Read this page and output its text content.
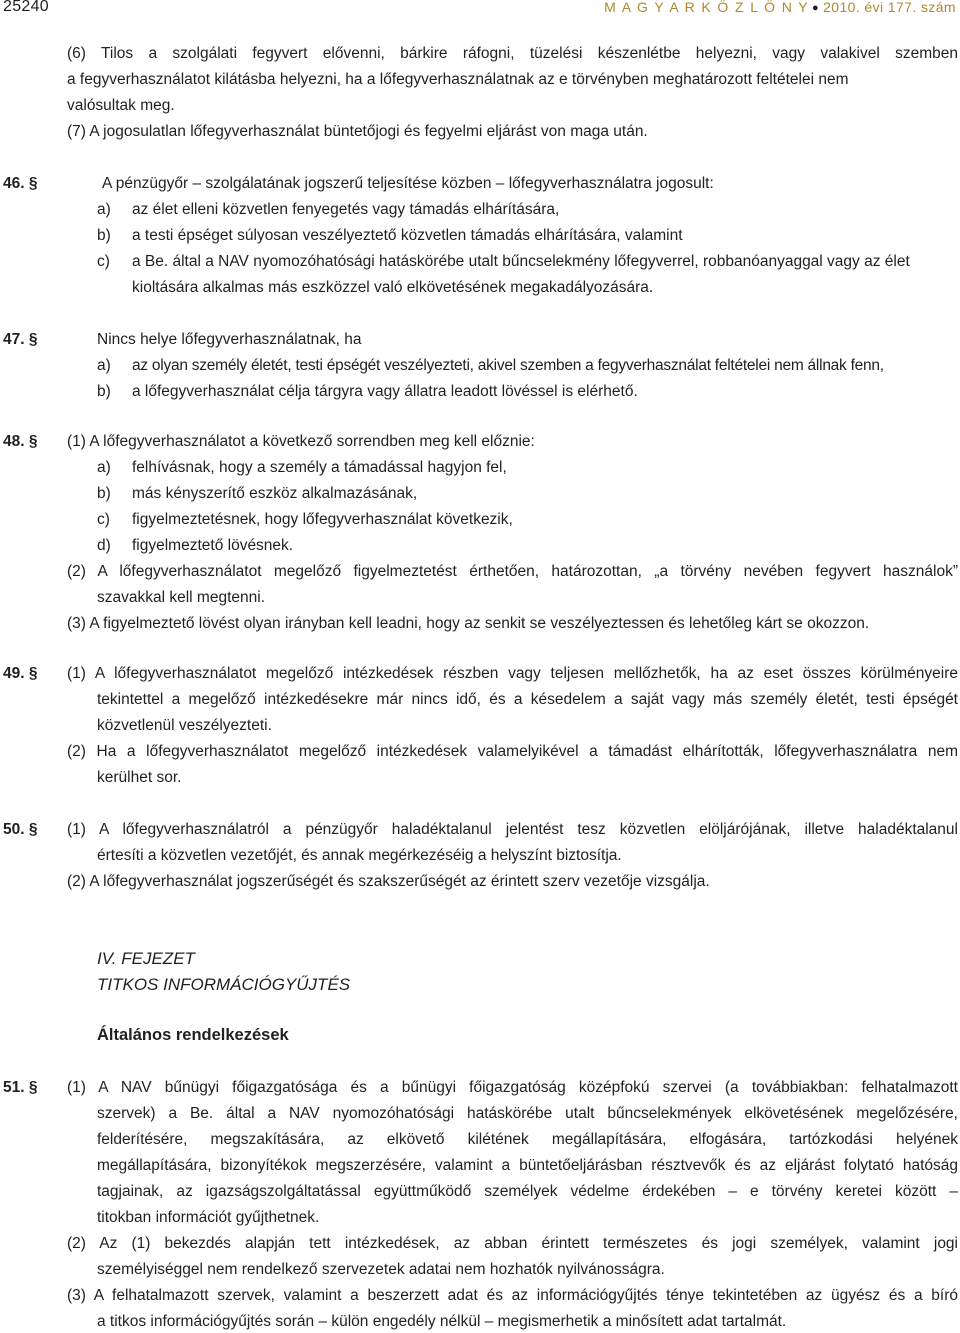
25240	M A G Y A R K Ö Z L Ö N Y ● 2010. évi 177. szám
(6) Tilos a szolgálati fegyvert elővenni, bárkire ráfogni, tüzelési készenlétbe helyezni, vagy valakivel szemben
a fegyverhasználatot kilátásba helyezni, ha a lőfegyverhasználatnak az e törvényben meghatározott feltételei nem
valósultak meg.
(7) A jogosulatlan lőfegyverhasználat büntetőjogi és fegyelmi eljárást von maga után.
46. §	A pénzügyőr – szolgálatának jogszerű teljesítése közben – lőfegyverhasználatra jogosult:
a) az élet elleni közvetlen fenyegetés vagy támadás elhárítására,
b) a testi épséget súlyosan veszélyeztető közvetlen támadás elhárítására, valamint
c) a Be. által a NAV nyomozóhatósági hatáskörébe utalt bűncselekmény lőfegyverrel, robbanóanyaggal vagy az élet
kioltására alkalmas más eszközzel való elkövetésének megakadályozására.
47. §	Nincs helye lőfegyverhasználatnak, ha
a) az olyan személy életét, testi épségét veszélyezteti, akivel szemben a fegyverhasználat feltételei nem állnak fenn,
b) a lőfegyverhasználat célja tárgyra vagy állatra leadott lövéssel is elérhető.
48. § (1) A lőfegyverhasználatot a következő sorrendben meg kell előznie:
a) felhívásnak, hogy a személy a támadással hagyjon fel,
b) más kényszerítő eszköz alkalmazásának,
c) figyelmeztetésnek, hogy lőfegyverhasználat következik,
d) figyelmeztető lövésnek.
(2) A lőfegyverhasználatot megelőző figyelmeztetést érthetően, határozottan, „a törvény nevében fegyvert használok”
szavakkal kell megtenni.
(3) A figyelmeztető lövést olyan irányban kell leadni, hogy az senkit se veszélyeztessen és lehetőleg kárt se okozzon.
49. § (1) A lőfegyverhasználatot megelőző intézkedések részben vagy teljesen mellőzhetők, ha az eset összes körülményeire
tekintettel a megelőző intézkedésekre már nincs idő, és a késedelem a saját vagy más személy életét, testi épségét
közvetlenül veszélyezteti.
(2) Ha a lőfegyverhasználatot megelőző intézkedések valamelyikével a támadást elhárították, lőfegyverhasználatra nem
kerülhet sor.
50. § (1) A lőfegyverhasználatról a pénzügyőr haladéktalanul jelentést tesz közvetlen elöljárójának, illetve haladéktalanul
értesíti a közvetlen vezetőjét, és annak megérkezéséig a helyszínt biztosítja.
(2) A lőfegyverhasználat jogszerűségét és szakszerűségét az érintett szerv vezetője vizsgálja.
IV. FEJEZET
TITKOS INFORMÁCIÓGYŰJTÉS
Általános rendelkezések
51. § (1) A NAV bűnügyi főigazgatósága és a bűnügyi főigazgatóság középfokú szervei (a továbbiakban: felhatalmazott
szervek) a Be. által a NAV nyomozóhatósági hatáskörébe utalt bűncselekmények elkövetésének megelőzésére,
felderítésére, megszakítására, az elkövető kilétének megállapítására, elfogására, tartózkodási helyének
megállapítására, bizonyítékok megszerzésére, valamint a büntetőeljárásban résztvevők és az eljárást folytató hatóság
tagjainak, az igazságszolgáltatással együttműködő személyek védelme érdekében – e törvény keretei között –
titokban információt gyűjthetnek.
(2) Az (1) bekezdés alapján tett intézkedések, az abban érintett természetes és jogi személyek, valamint jogi
személyiséggel nem rendelkező szervezetek adatai nem hozhatók nyilvánosságra.
(3) A felhatalmazott szervek, valamint a beszerzett adat és az információgyűjtés ténye tekintetében az ügyész és a bíró
a titkos információgyűjtés során – külön engedély nélkül – megismerhetik a minősített adat tartalmát.
